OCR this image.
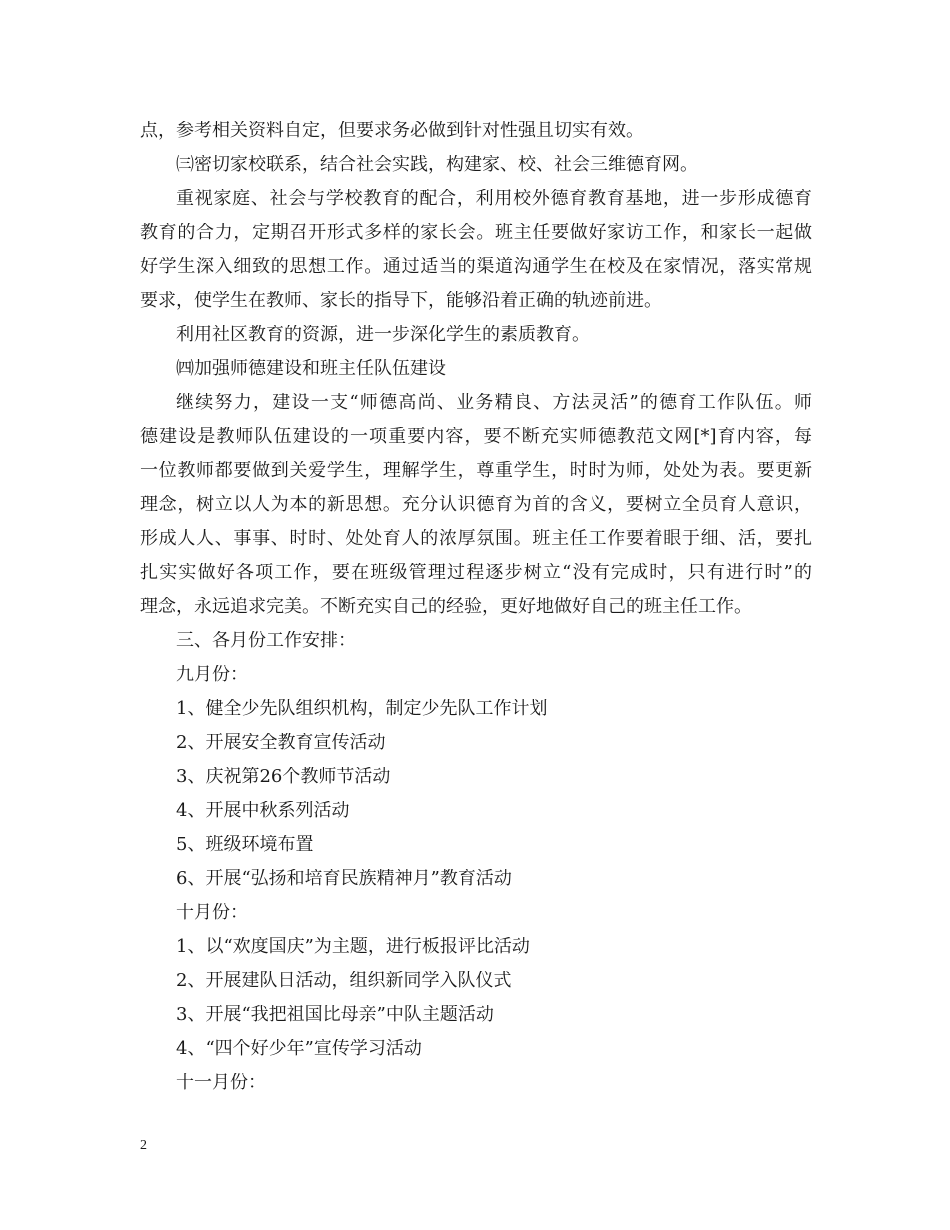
点，参考相关资料自定，但要求务必做到针对性强且切实有效。
㈢密切家校联系，结合社会实践，构建家、校、社会三维德育网。
重视家庭、社会与学校教育的配合，利用校外德育教育基地，进一步形成德育
教育的合力，定期召开形式多样的家长会。班主任要做好家访工作，和家长一起做
好学生深入细致的思想工作。通过适当的渠道沟通学生在校及在家情况，落实常规
要求，使学生在教师、家长的指导下，能够沿着正确的轨迹前进。
利用社区教育的资源，进一步深化学生的素质教育。
㈣加强师德建设和班主任队伍建设
继续努力，建设一支“师德高尚、业务精良、方法灵活”的德育工作队伍。师
德建设是教师队伍建设的一项重要内容，要不断充实师德教范文网[*]育内容，每
一位教师都要做到关爱学生，理解学生，尊重学生，时时为师，处处为表。要更新
理念，树立以人为本的新思想。充分认识德育为首的含义，要树立全员育人意识，
形成人人、事事、时时、处处育人的浓厚氛围。班主任工作要着眼于细、活，要扎
扎实实做好各项工作，要在班级管理过程逐步树立“没有完成时，只有进行时”的
理念，永远追求完美。不断充实自己的经验，更好地做好自己的班主任工作。
三、各月份工作安排：
九月份：
1、健全少先队组织机构，制定少先队工作计划
2、开展安全教育宣传活动
3、庆祝第26个教师节活动
4、开展中秋系列活动
5、班级环境布置
6、开展“弘扬和培育民族精神月”教育活动
十月份：
1、以“欢度国庆”为主题，进行板报评比活动
2、开展建队日活动，组织新同学入队仪式
3、开展“我把祖国比母亲”中队主题活动
4、“四个好少年”宣传学习活动
十一月份：
2
